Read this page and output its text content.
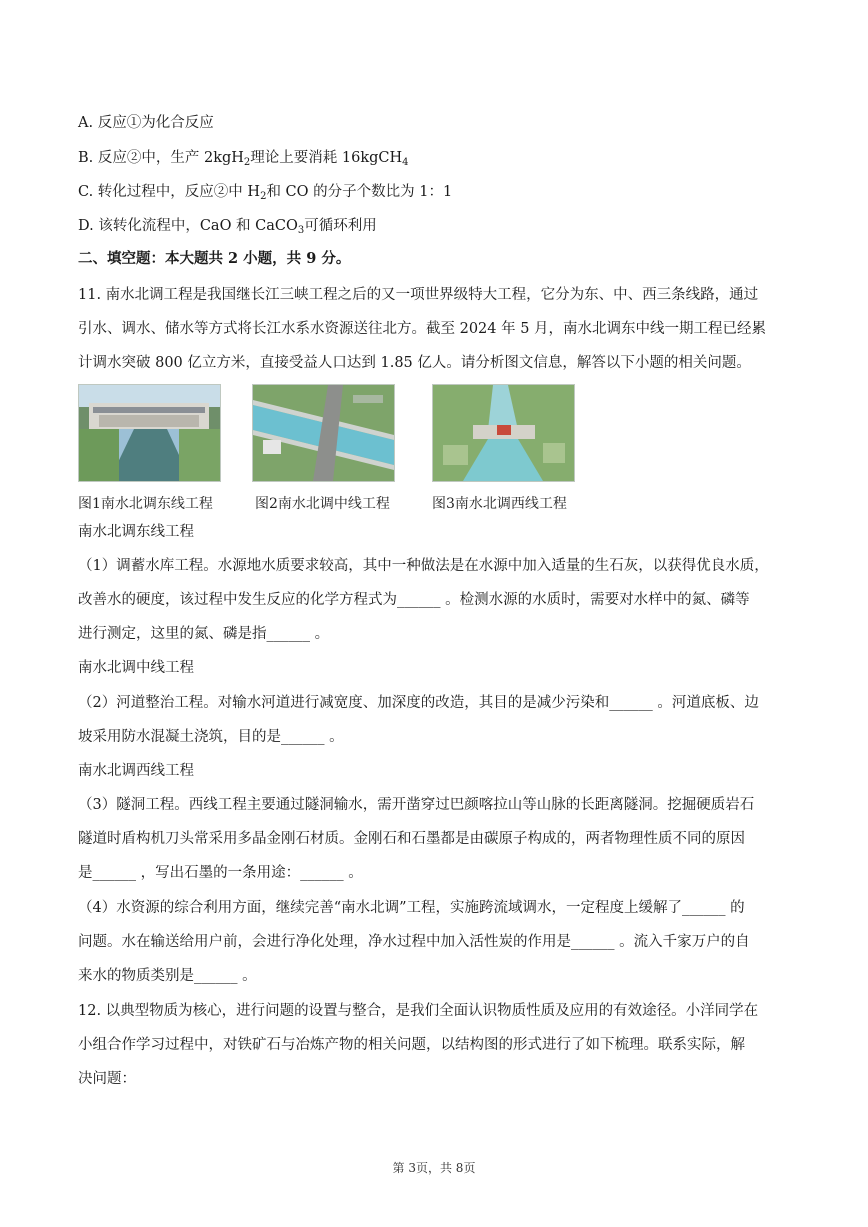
A. 反应①为化合反应
B. 反应②中，生产 2kgH$_2$理论上要消耗 16kgCH$_4$
C. 转化过程中，反应②中 $H_2$和 CO 的分子个数比为 1：1
D. 该转化流程中，CaO 和 CaCO$_3$可循环利用
二、填空题：本大题共 2 小题，共 9 分。
11. 南水北调工程是我国继长江三峡工程之后的又一项世界级特大工程，它分为东、中、西三条线路，通过
引水、调水、储水等方式将长江水系水资源送往北方。截至 2024 年 5 月，南水北调东中线一期工程已经累
计调水突破 800 亿立方米，直接受益人口达到 1.85 亿人。请分析图文信息，解答以下小题的相关问题。
图1南水北调东线工程	图2南水北调中线工程	图3南水北调西线工程
南水北调东线工程
（1）调蓄水库工程。水源地水质要求较高，其中一种做法是在水源中加入适量的生石灰，以获得优良水质，
改善水的硬度，该过程中发生反应的化学方程式为______ 。检测水源的水质时，需要对水样中的氮、磷等
进行测定，这里的氮、磷是指______ 。
南水北调中线工程
（2）河道整治工程。对输水河道进行减宽度、加深度的改造，其目的是减少污染和______ 。河道底板、边
坡采用防水混凝土浇筑，目的是______ 。
南水北调西线工程
（3）隧洞工程。西线工程主要通过隧洞输水，需开凿穿过巴颜喀拉山等山脉的长距离隧洞。挖掘硬质岩石
隧道时盾构机刀头常采用多晶金刚石材质。金刚石和石墨都是由碳原子构成的，两者物理性质不同的原因
是______ ，写出石墨的一条用途：______ 。
（4）水资源的综合利用方面，继续完善“南水北调”工程，实施跨流域调水，一定程度上缓解了______ 的
问题。水在输送给用户前，会进行净化处理，净水过程中加入活性炭的作用是______ 。流入千家万户的自
来水的物质类别是______ 。
12. 以典型物质为核心，进行问题的设置与整合，是我们全面认识物质性质及应用的有效途径。小洋同学在
小组合作学习过程中，对铁矿石与冶炼产物的相关问题，以结构图的形式进行了如下梳理。联系实际，解
决问题：
第 3页，共 8页
